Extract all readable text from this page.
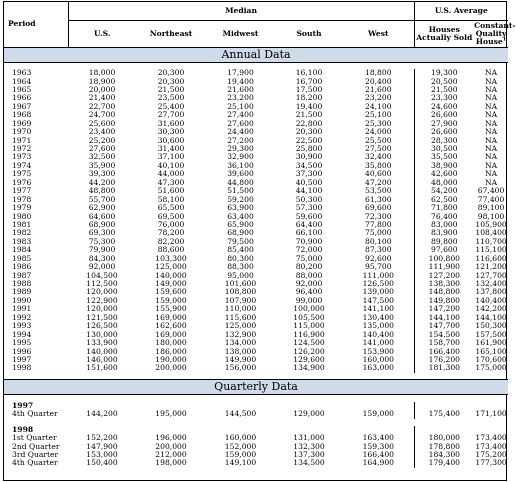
Period	Median					U.S. Average	
	U.S.	Northeast	Midwest	South	West	Houses Actually Sold	Constant-Quality House$^1$
Annual Data							

1963	18,000	20,300	17,900	16,100	18,800	19,300	NA
1964	18,900	20,300	19,400	16,700	20,400	20,500	NA
1965	20,000	21,500	21,600	17,500	21,600	21,500	NA
1966	21,400	23,500	23,200	18,200	23,200	23,300	NA
1967	22,700	25,400	25,100	19,400	24,100	24,600	NA
1968	24,700	27,700	27,400	21,500	25,100	26,600	NA
1969	25,600	31,600	27,600	22,800	25,300	27,900	NA
1970	23,400	30,300	24,400	20,300	24,000	26,600	NA
1971	25,200	30,600	27,200	22,500	25,500	28,300	NA
1972	27,600	31,400	29,300	25,800	27,500	30,500	NA
1973	32,500	37,100	32,900	30,900	32,400	35,500	NA
1974	35,900	40,100	36,100	34,500	35,800	38,900	NA
1975	39,300	44,000	39,600	37,300	40,600	42,600	NA
1976	44,200	47,300	44,800	40,500	47,200	48,000	NA
1977	48,800	51,600	51,500	44,100	53,500	54,200	67,400
1978	55,700	58,100	59,200	50,300	61,300	62,500	77,400
1979	62,900	65,500	63,900	57,300	69,600	71,800	89,100
1980	64,600	69,500	63,400	59,600	72,300	76,400	98,100
1981	68,900	76,000	65,900	64,400	77,800	83,000	105,900
1982	69,300	78,200	68,900	66,100	75,000	83,900	108,400
1983	75,300	82,200	79,500	70,900	80,100	89,800	110,700
1984	79,900	88,600	85,400	72,000	87,300	97,600	115,100
1985	84,300	103,300	80,300	75,000	92,600	100,800	116,600
1986	92,000	125,000	88,300	80,200	95,700	111,900	121,200
1987	104,500	140,000	95,000	88,000	111,000	127,200	127,700
1988	112,500	149,000	101,600	92,000	126,500	138,300	132,400
1989	120,000	159,600	108,800	96,400	139,000	148,800	137,800
1990	122,900	159,000	107,900	99,000	147,500	149,800	140,400
1991	120,000	155,900	110,000	100,000	141,100	147,200	142,200
1992	121,500	169,000	115,600	105,500	130,400	144,100	144,100
1993	126,500	162,600	125,000	115,000	135,000	147,700	150,300
1994	130,000	169,000	132,900	116,900	140,400	154,500	157,500
1995	133,900	180,000	134,000	124,500	141,000	158,700	161,900
1996	140,000	186,000	138,000	126,200	153,900	166,400	165,100
1997	146,000	190,000	149,900	129,600	160,000	176,200	170,600
1998	151,600	200,000	156,000	134,900	163,000	181,300	175,000

Quarterly Data							

1997							
4th Quarter	144,200	195,000	144,500	129,000	159,000	175,400	171,100

1998							
1st Quarter	152,200	196,000	160,000	131,000	163,400	180,000	173,400
2nd Quarter	147,900	200,000	152,000	132,300	159,300	178,800	173,400
3rd Quarter	153,000	212,000	159,000	137,300	166,400	184,300	175,200
4th Quarter	150,400	198,000	149,100	134,500	164,900	179,400	177,300
